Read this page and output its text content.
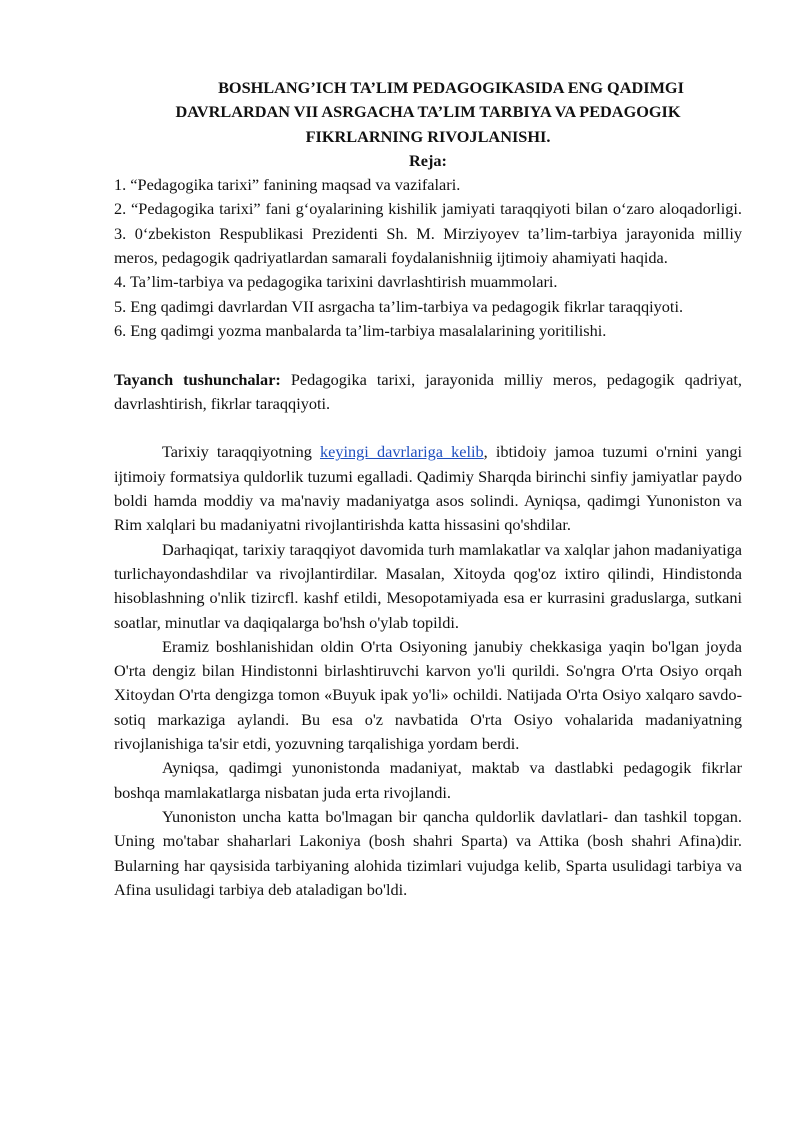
BOSHLANG’ICH TA’LIM PEDAGOGIKASIDA ENG QADIMGI
DAVRLARDAN VII ASRGACHA TA’LIM TARBIYA VA PEDAGOGIK
FIKRLARNING RIVOJLANISHI.

Reja:

1. “Pedagogika tarixi” fanining maqsad va vazifalari.

2. “Pedagogika tarixi” fani g‘oyalarining kishilik jamiyati taraqqiyoti bilan o‘zaro aloqadorligi. 3. 0‘zbekiston Respublikasi Prezidenti Sh. M. Mirziyoyev ta’lim-tarbiya jarayonida milliy meros, pedagogik qadriyatlardan samarali foydalanishniig ijtimoiy ahamiyati haqida.

4. Ta’lim-tarbiya va pedagogika tarixini davrlashtirish muammolari.

5. Eng qadimgi davrlardan VII asrgacha ta’lim-tarbiya va pedagogik fikrlar taraqqiyoti.

6. Eng qadimgi yozma manbalarda ta’lim-tarbiya masalalarining yoritilishi.

Tayanch tushunchalar: Pedagogika tarixi, jarayonida milliy meros, pedagogik qadriyat, davrlashtirish, fikrlar taraqqiyoti.

Tarixiy taraqqiyotning keyingi davrlariga kelib, ibtidoiy jamoa tuzumi o'rnini yangi ijtimoiy formatsiya quldorlik tuzumi egalladi. Qadimiy Sharqda birinchi sinfiy jamiyatlar paydo boldi hamda moddiy va ma'naviy madaniyatga asos solindi. Ayniqsa, qadimgi Yunoniston va Rim xalqlari bu madaniyatni rivojlantirishda katta hissasini qo'shdilar.

Darhaqiqat, tarixiy taraqqiyot davomida turh mamlakatlar va xalqlar jahon madaniyatiga turlichayondashdilar va rivojlantirdilar. Masalan, Xitoyda qog'oz ixtiro qilindi, Hindistonda hisoblashning o'nlik tizircfl. kashf etildi, Mesopotamiyada esa er kurrasini graduslarga, sutkani soatlar, minutlar va daqiqalarga bo'hsh o'ylab topildi.

Eramiz boshlanishidan oldin O'rta Osiyoning janubiy chekkasiga yaqin bo'lgan joyda O'rta dengiz bilan Hindistonni birlashtiruvchi karvon yo'li qurildi. So'ngra O'rta Osiyo orqah Xitoydan O'rta dengizga tomon «Buyuk ipak yo'li» ochildi. Natijada O'rta Osiyo xalqaro savdo-sotiq markaziga aylandi. Bu esa o'z navbatida O'rta Osiyo vohalarida madaniyatning rivojlanishiga ta'sir etdi, yozuvning tarqalishiga yordam berdi.

Ayniqsa, qadimgi yunonistonda madaniyat, maktab va dastlabki pedagogik fikrlar boshqa mamlakatlarga nisbatan juda erta rivojlandi.

Yunoniston uncha katta bo'lmagan bir qancha quldorlik davlatlari- dan tashkil topgan. Uning mo'tabar shaharlari Lakoniya (bosh shahri Sparta) va Attika (bosh shahri Afina)dir. Bularning har qaysisida tarbiyaning alohida tizimlari vujudga kelib, Sparta usulidagi tarbiya va Afina usulidagi tarbiya deb ataladigan bo'ldi.
